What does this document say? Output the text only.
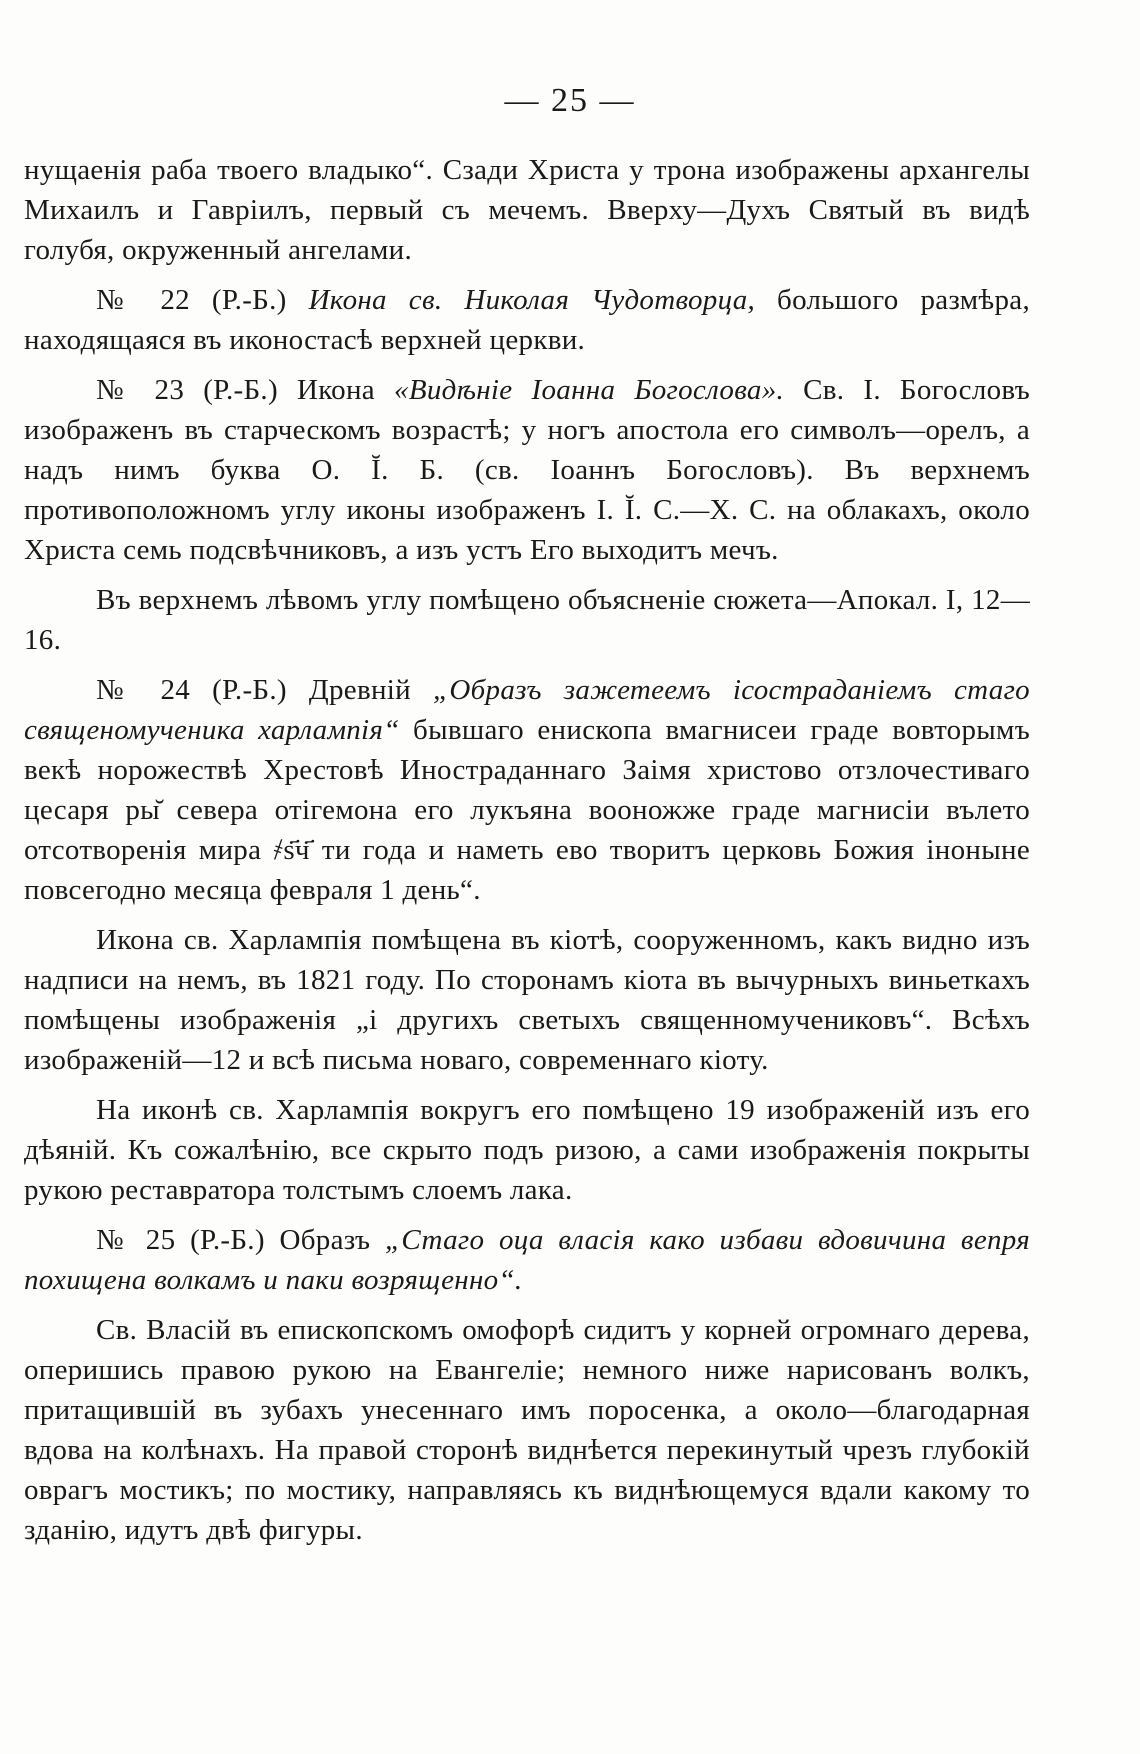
— 25 —

нущаенія раба твоего владыко“. Сзади Христа у трона изображены архангелы Михаилъ и Гавріилъ, первый съ мечемъ. Вверху—Духъ Святый въ видѣ голубя, окруженный ангелами.

№ 22 (Р.-Б.) Икона св. Николая Чудотворца, большого размѣра, находящаяся въ иконостасѣ верхней церкви.

№ 23 (Р.-Б.) Икона «Видѣніе Іоанна Богослова». Св. І. Богословъ изображенъ въ старческомъ возрастѣ; у ногъ апостола его символъ—орелъ, а надъ нимъ буква О. Ĭ. Б. (св. Іоаннъ Богословъ). Въ верхнемъ противоположномъ углу иконы изображенъ І. Ĭ. С.—Х. С. на облакахъ, около Христа семь подсвѣчниковъ, а изъ устъ Его выходитъ мечъ.

Въ верхнемъ лѣвомъ углу помѣщено объясненіе сюжета—Апокал. І, 12—16.

№ 24 (Р.-Б.) Древній „Образъ зажетеемъ ісостраданіемъ стаго священомученика харлампія“ бывшаго енископа вмагнисеи граде вовторымъ векѣ норожествѣ Хрестовѣ Иностраданнаго Заімя христово отзлочестиваго цесаря ры̆ севера отігемона его лукъяна вооножже граде магнисіи вълето отсотворенія мира ҂ѕ҃ч҃ ти года и наметь ево творитъ церковь Божия іноныне повсегодно месяца февраля 1 день“.

Икона св. Харлампія помѣщена въ кіотѣ, сооруженномъ, какъ видно изъ надписи на немъ, въ 1821 году. По сторонамъ кіота въ вычурныхъ виньеткахъ помѣщены изображенія „і другихъ светыхъ священномучениковъ“. Всѣхъ изображеній—12 и всѣ письма новаго, современнаго кіоту.

На иконѣ св. Харлампія вокругъ его помѣщено 19 изображеній изъ его дѣяній. Къ сожалѣнію, все скрыто подъ ризою, а сами изображенія покрыты рукою реставратора толстымъ слоемъ лака.

№ 25 (Р.-Б.) Образъ „Стаго оца власія како избави вдовичина вепря похищена волкамъ и паки возрященно“.

Св. Власій въ епископскомъ омофорѣ сидитъ у корней огромнаго дерева, оперишись правою рукою на Евангеліе; немного ниже нарисованъ волкъ, притащившій въ зубахъ унесеннаго имъ поросенка, а около—благодарная вдова на колѣнахъ. На правой сторонѣ виднѣется перекинутый чрезъ глубокій оврагъ мостикъ; по мостику, направляясь къ виднѣющемуся вдали какому то зданію, идутъ двѣ фигуры.
